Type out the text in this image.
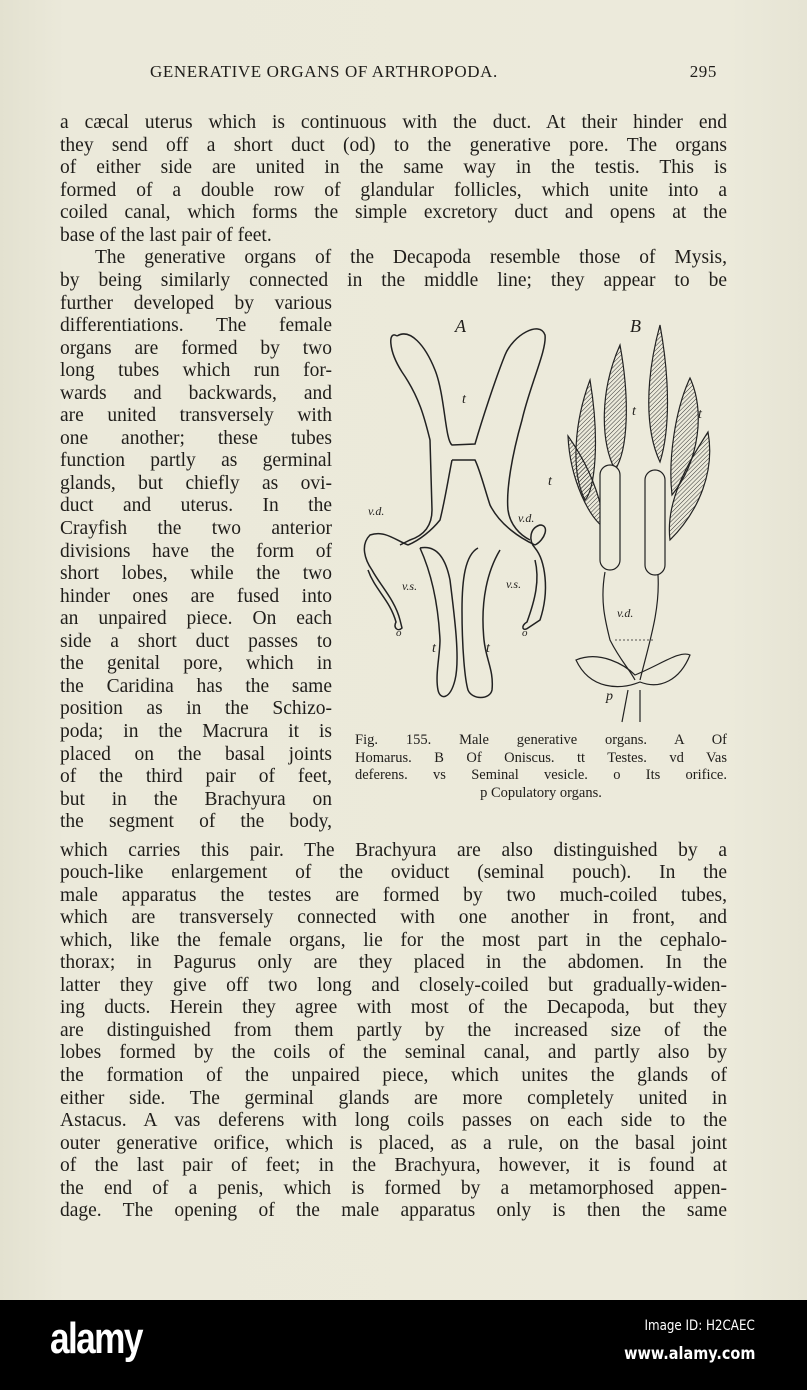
GENERATIVE ORGANS OF ARTHROPODA.	295
a cæcal uterus which is continuous with the duct. At their hinder end
they send off a short duct (od) to the generative pore. The organs
of either side are united in the same way in the testis. This is
formed of a double row of glandular follicles, which unite into a
coiled canal, which forms the simple excretory duct and opens at the
base of the last pair of feet.
The generative organs of the Decapoda resemble those of Mysis,
by being similarly connected in the middle line; they appear to be
further developed by various
differentiations. The female
organs are formed by two
long tubes which run for-
wards and backwards, and
are united transversely with
one another; these tubes
function partly as germinal
glands, but chiefly as ovi-
duct and uterus. In the
Crayfish the two anterior
divisions have the form of
short lobes, while the two
hinder ones are fused into
an unpaired piece. On each
side a short duct passes to
the genital pore, which in
the Caridina has the same
position as in the Schizo-
poda; in the Macrura it is
placed on the basal joints
of the third pair of feet,
but in the Brachyura on
the segment of the body,
which carries this pair. The Brachyura are also distinguished by a
pouch-like enlargement of the oviduct (seminal pouch). In the
male apparatus the testes are formed by two much-coiled tubes,
which are transversely connected with one another in front, and
which, like the female organs, lie for the most part in the cephalo-
thorax; in Pagurus only are they placed in the abdomen. In the
latter they give off two long and closely-coiled but gradually-widen-
ing ducts. Herein they agree with most of the Decapoda, but they
are distinguished from them partly by the increased size of the
lobes formed by the coils of the seminal canal, and partly also by
the formation of the unpaired piece, which unites the glands of
either side. The germinal glands are more completely united in
Astacus. A vas deferens with long coils passes on each side to the
outer generative orifice, which is placed, as a rule, on the basal joint
of the last pair of feet; in the Brachyura, however, it is found at
the end of a penis, which is formed by a metamorphosed appen-
dage. The opening of the male apparatus only is then the same
A	B
t
v.d.	v.d.
v.s.	v.s.
o	o
t	t
t
t	t
v.d.
p
Fig. 155. Male generative organs. A Of
Homarus. B Of Oniscus. tt Testes. vd Vas
deferens. vs Seminal vesicle. o Its orifice.
p Copulatory organs.
alamy	Image ID: H2CAEC
www.alamy.com
